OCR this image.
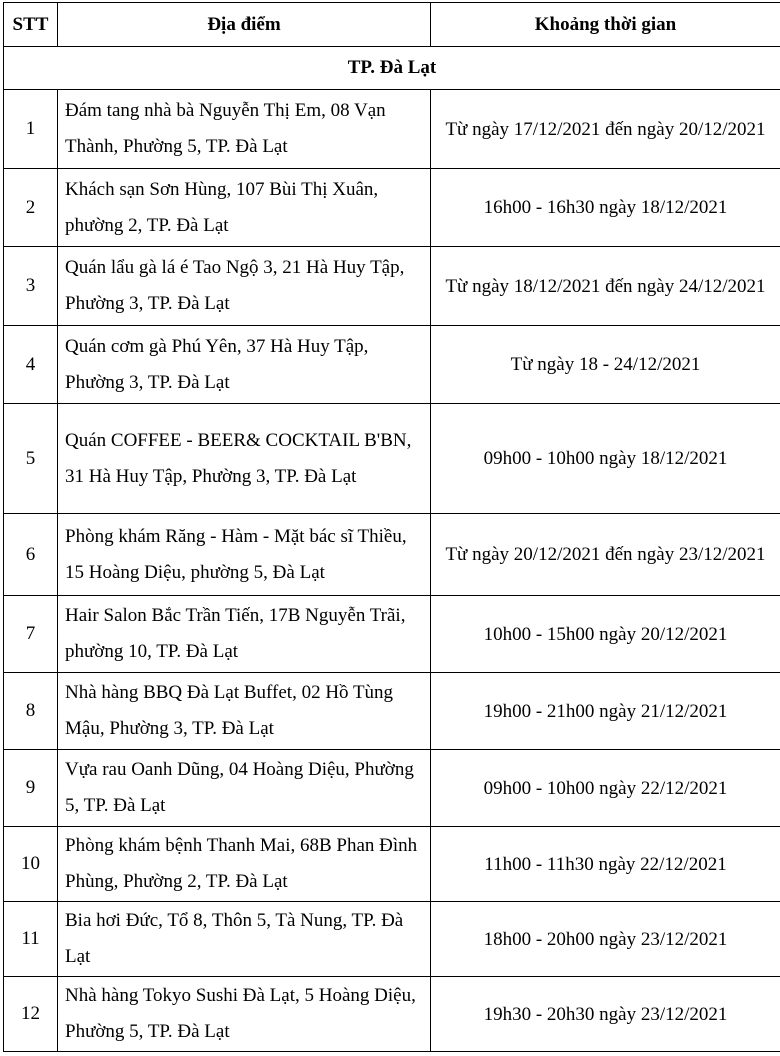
STT	Địa điểm	Khoảng thời gian
TP. Đà Lạt		
1	Đám tang nhà bà Nguyễn Thị Em, 08 Vạn Thành, Phường 5, TP. Đà Lạt	Từ ngày 17/12/2021 đến ngày 20/12/2021
2	Khách sạn Sơn Hùng, 107 Bùi Thị Xuân, phường 2, TP. Đà Lạt	16h00 - 16h30 ngày 18/12/2021
3	Quán lẩu gà lá é Tao Ngộ 3, 21 Hà Huy Tập, Phường 3, TP. Đà Lạt	Từ ngày 18/12/2021 đến ngày 24/12/2021
4	Quán cơm gà Phú Yên, 37 Hà Huy Tập, Phường 3, TP. Đà Lạt	Từ ngày 18 - 24/12/2021
5	Quán COFFEE - BEER& COCKTAIL B'BN, 31 Hà Huy Tập, Phường 3, TP. Đà Lạt	09h00 - 10h00 ngày 18/12/2021
6	Phòng khám Răng - Hàm - Mặt bác sĩ Thiều, 15 Hoàng Diệu, phường 5, Đà Lạt	Từ ngày 20/12/2021 đến ngày 23/12/2021
7	Hair Salon Bắc Trần Tiến, 17B Nguyễn Trãi, phường 10, TP. Đà Lạt	10h00 - 15h00 ngày 20/12/2021
8	Nhà hàng BBQ Đà Lạt Buffet, 02 Hồ Tùng Mậu, Phường 3, TP. Đà Lạt	19h00 - 21h00 ngày 21/12/2021
9	Vựa rau Oanh Dũng, 04 Hoàng Diệu, Phường 5, TP. Đà Lạt	09h00 - 10h00 ngày 22/12/2021
10	Phòng khám bệnh Thanh Mai, 68B Phan Đình Phùng, Phường 2, TP. Đà Lạt	11h00 - 11h30 ngày 22/12/2021
11	Bia hơi Đức, Tổ 8, Thôn 5, Tà Nung, TP. Đà Lạt	18h00 - 20h00 ngày 23/12/2021
12	Nhà hàng Tokyo Sushi Đà Lạt, 5 Hoàng Diệu, Phường 5, TP. Đà Lạt	19h30 - 20h30 ngày 23/12/2021
